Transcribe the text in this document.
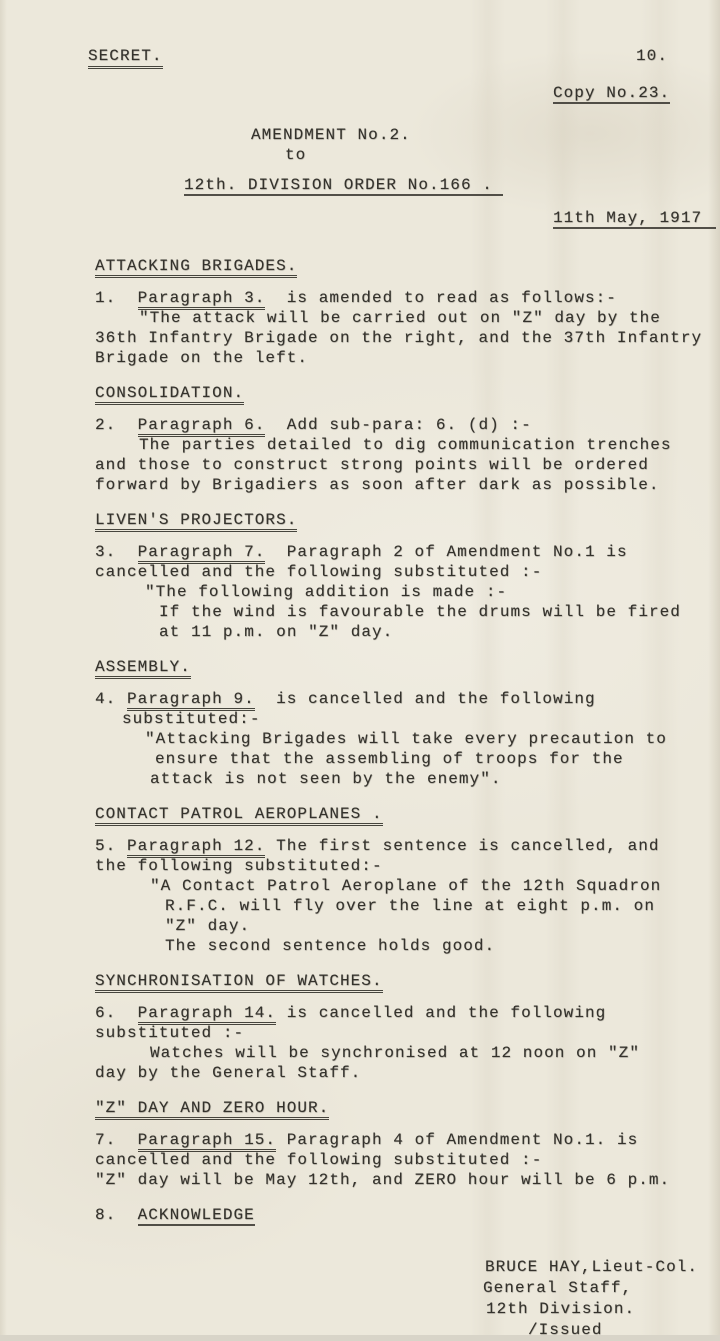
SECRET.	10.
Copy No.23.
AMENDMENT No.2.
to
12th. DIVISION ORDER No.166 .
11th May, 1917
ATTACKING BRIGADES.
1.  Paragraph 3.  is amended to read as follows:-
"The attack will be carried out on "Z" day by the
36th Infantry Brigade on the right, and the 37th Infantry
Brigade on the left.
CONSOLIDATION.
2.  Paragraph 6.  Add sub-para: 6. (d) :-
The parties detailed to dig communication trenches
and those to construct strong points will be ordered
forward by Brigadiers as soon after dark as possible.
LIVEN'S PROJECTORS.
3.  Paragraph 7.  Paragraph 2 of Amendment No.1 is
cancelled and the following substituted :-
"The following addition is made :-
If the wind is favourable the drums will be fired
at 11 p.m. on "Z" day.
ASSEMBLY.
4. Paragraph 9.  is cancelled and the following
substituted:-
"Attacking Brigades will take every precaution to
ensure that the assembling of troops for the
attack is not seen by the enemy".
CONTACT PATROL AEROPLANES .
5. Paragraph 12. The first sentence is cancelled, and
the following substituted:-
"A Contact Patrol Aeroplane of the 12th Squadron
R.F.C. will fly over the line at eight p.m. on
"Z" day.
The second sentence holds good.
SYNCHRONISATION OF WATCHES.
6.  Paragraph 14. is cancelled and the following
substituted :-
Watches will be synchronised at 12 noon on "Z"
day by the General Staff.
"Z" DAY AND ZERO HOUR.
7.  Paragraph 15. Paragraph 4 of Amendment No.1. is
cancelled and the following substituted :-
"Z" day will be May 12th, and ZERO hour will be 6 p.m.
8.  ACKNOWLEDGE
BRUCE HAY,Lieut-Col.
General Staff,
12th Division.
/Issued
